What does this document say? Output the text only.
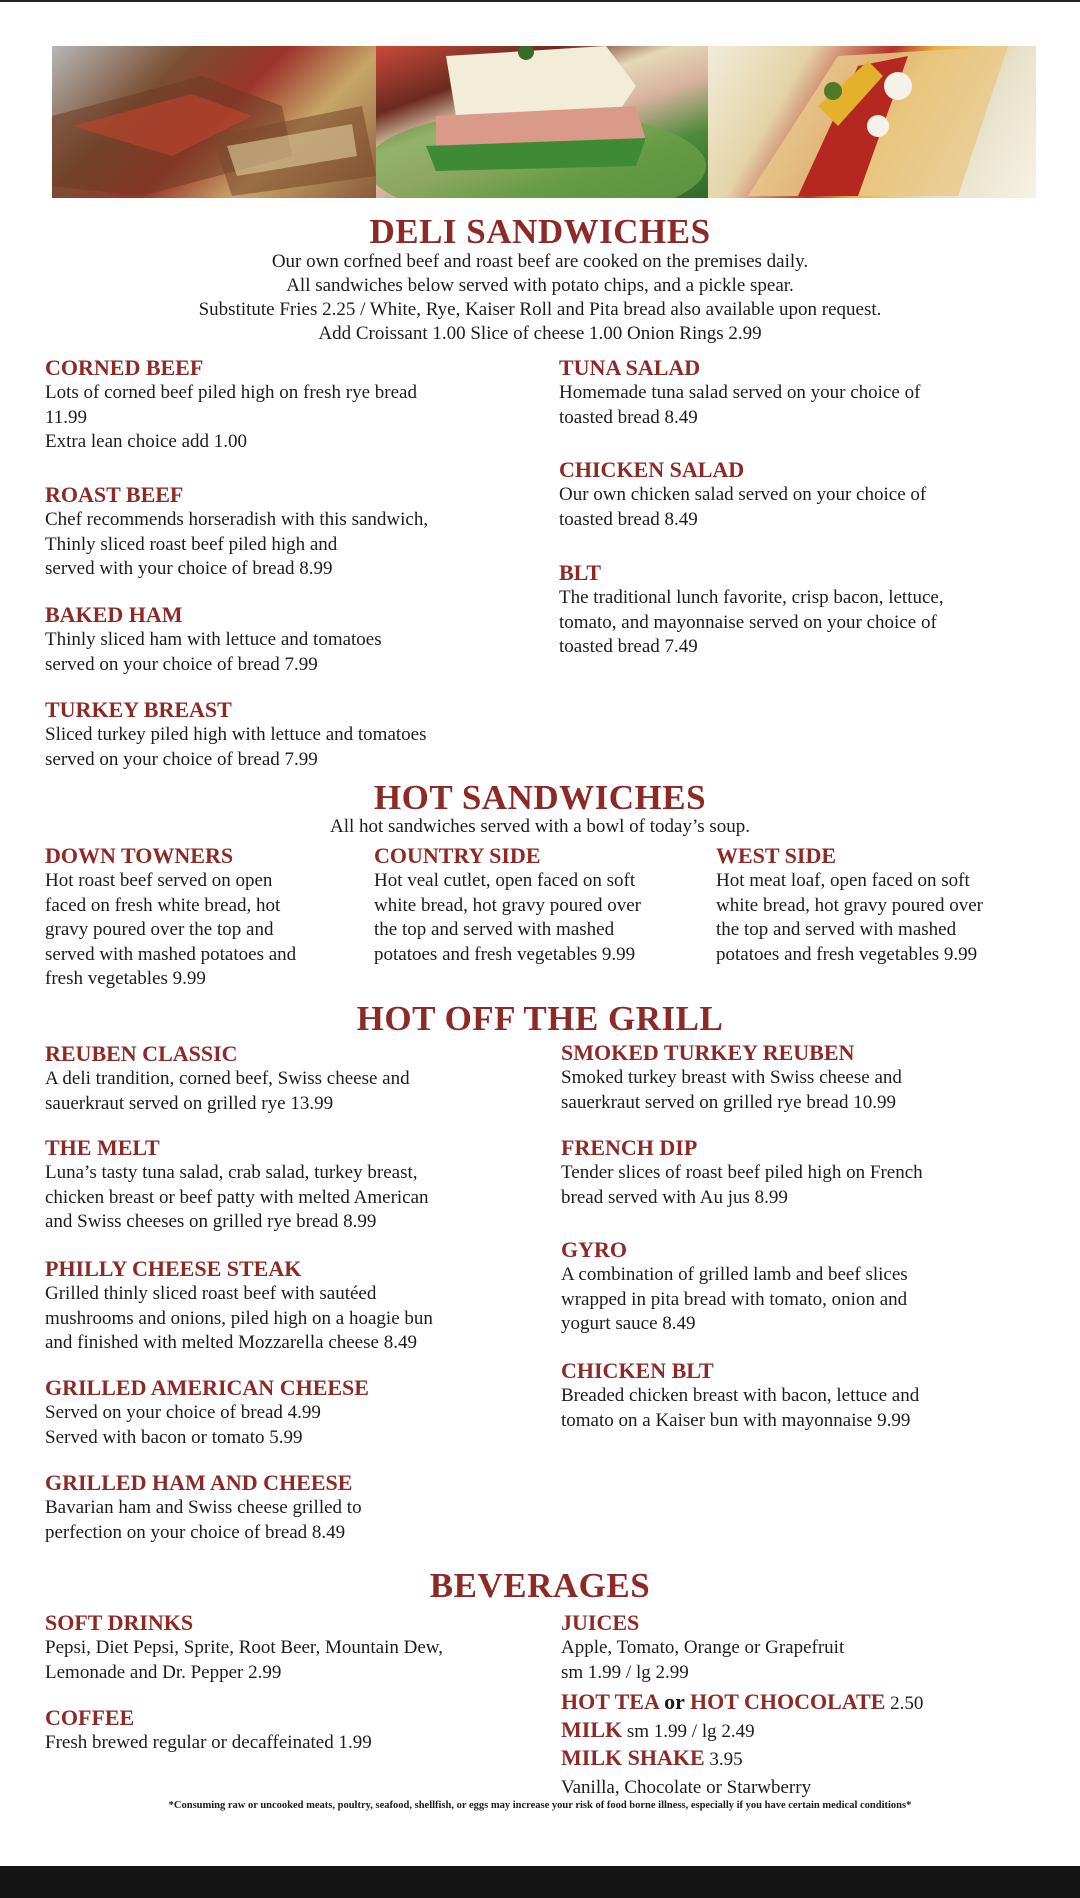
DELI SANDWICHES
Our own corfned beef and roast beef are cooked on the premises daily.
All sandwiches below served with potato chips, and a pickle spear.
Substitute Fries 2.25 / White, Rye, Kaiser Roll and Pita bread also available upon request.
Add Croissant 1.00 Slice of cheese 1.00 Onion Rings 2.99
CORNED BEEF
Lots of corned beef piled high on fresh rye bread
11.99
Extra lean choice add 1.00
ROAST BEEF
Chef recommends horseradish with this sandwich,
Thinly sliced roast beef piled high and
served with your choice of bread 8.99
BAKED HAM
Thinly sliced ham with lettuce and tomatoes
served on your choice of bread 7.99
TURKEY BREAST
Sliced turkey piled high with lettuce and tomatoes
served on your choice of bread 7.99
TUNA SALAD
Homemade tuna salad served on your choice of
toasted bread 8.49
CHICKEN SALAD
Our own chicken salad served on your choice of
toasted bread 8.49
BLT
The traditional lunch favorite, crisp bacon, lettuce,
tomato, and mayonnaise served on your choice of
toasted bread 7.49
HOT SANDWICHES
All hot sandwiches served with a bowl of today’s soup.
DOWN TOWNERS
Hot roast beef served on open
faced on fresh white bread, hot
gravy poured over the top and
served with mashed potatoes and
fresh vegetables 9.99
COUNTRY SIDE
Hot veal cutlet, open faced on soft
white bread, hot gravy poured over
the top and served with mashed
potatoes and fresh vegetables 9.99
WEST SIDE
Hot meat loaf, open faced on soft
white bread, hot gravy poured over
the top and served with mashed
potatoes and fresh vegetables 9.99
HOT OFF THE GRILL
REUBEN CLASSIC
A deli trandition, corned beef, Swiss cheese and
sauerkraut served on grilled rye 13.99
THE MELT
Luna’s tasty tuna salad, crab salad, turkey breast,
chicken breast or beef patty with melted American
and Swiss cheeses on grilled rye bread 8.99
PHILLY CHEESE STEAK
Grilled thinly sliced roast beef with sautéed
mushrooms and onions, piled high on a hoagie bun
and finished with melted Mozzarella cheese 8.49
GRILLED AMERICAN CHEESE
Served on your choice of bread 4.99
Served with bacon or tomato 5.99
GRILLED HAM AND CHEESE
Bavarian ham and Swiss cheese grilled to
perfection on your choice of bread 8.49
SMOKED TURKEY REUBEN
Smoked turkey breast with Swiss cheese and
sauerkraut served on grilled rye bread 10.99
FRENCH DIP
Tender slices of roast beef piled high on French
bread served with Au jus 8.99
GYRO
A combination of grilled lamb and beef slices
wrapped in pita bread with tomato, onion and
yogurt sauce 8.49
CHICKEN BLT
Breaded chicken breast with bacon, lettuce and
tomato on a Kaiser bun with mayonnaise 9.99
BEVERAGES
SOFT DRINKS
Pepsi, Diet Pepsi, Sprite, Root Beer, Mountain Dew,
Lemonade and Dr. Pepper 2.99
COFFEE
Fresh brewed regular or decaffeinated 1.99
JUICES
Apple, Tomato, Orange or Grapefruit
sm 1.99 / lg 2.99
HOT TEA or HOT CHOCOLATE 2.50
MILK sm 1.99 / lg 2.49
MILK SHAKE 3.95
Vanilla, Chocolate or Starwberry
*Consuming raw or uncooked meats, poultry, seafood, shellfish, or eggs may increase your risk of food borne illness, especially if you have certain medical conditions*
